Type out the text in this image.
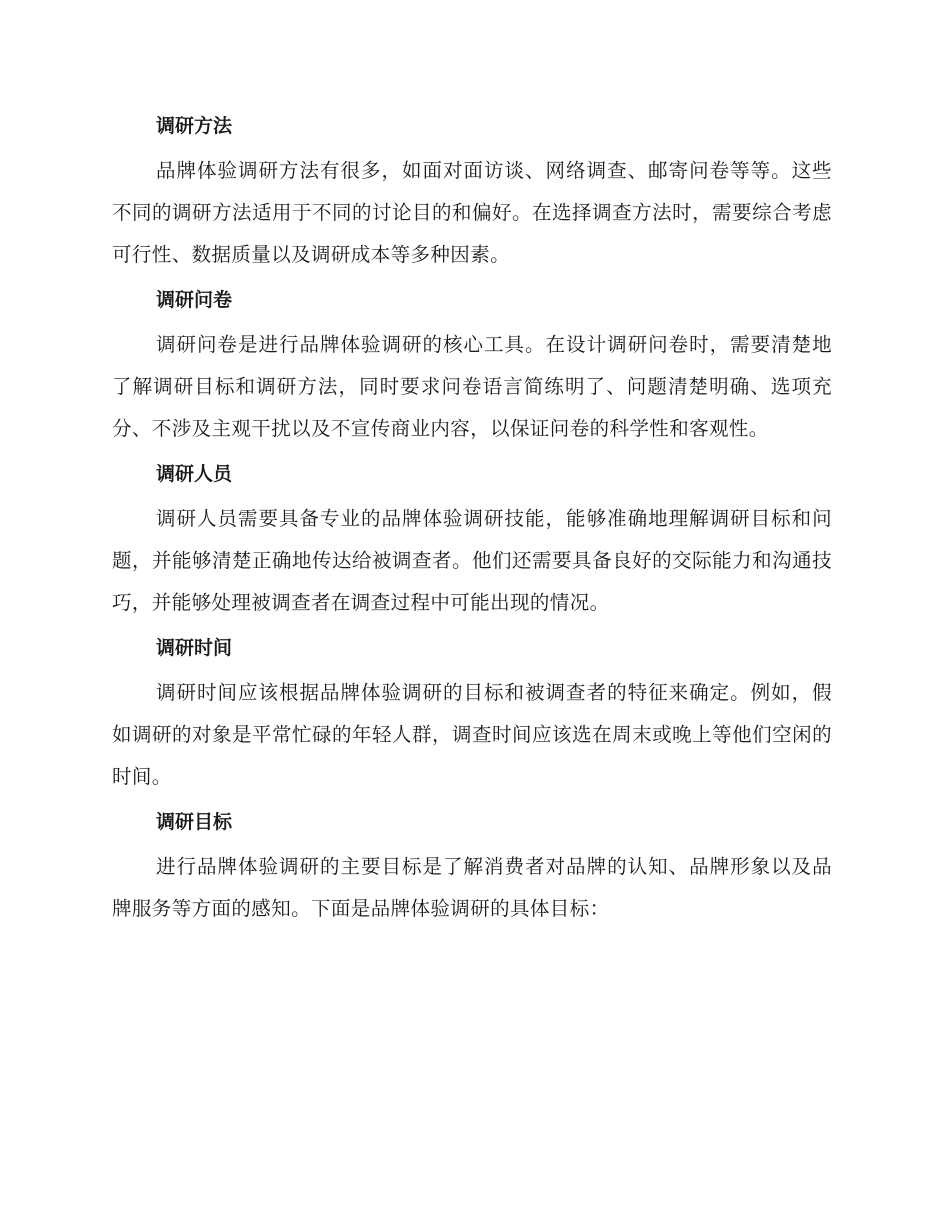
调研方法

品牌体验调研方法有很多，如面对面访谈、网络调查、邮寄问卷等等。这些不同的调研方法适用于不同的讨论目的和偏好。在选择调查方法时，需要综合考虑可行性、数据质量以及调研成本等多种因素。

调研问卷

调研问卷是进行品牌体验调研的核心工具。在设计调研问卷时，需要清楚地了解调研目标和调研方法，同时要求问卷语言简练明了、问题清楚明确、选项充分、不涉及主观干扰以及不宣传商业内容，以保证问卷的科学性和客观性。

调研人员

调研人员需要具备专业的品牌体验调研技能，能够准确地理解调研目标和问题，并能够清楚正确地传达给被调查者。他们还需要具备良好的交际能力和沟通技巧，并能够处理被调查者在调查过程中可能出现的情况。

调研时间

调研时间应该根据品牌体验调研的目标和被调查者的特征来确定。例如，假如调研的对象是平常忙碌的年轻人群，调查时间应该选在周末或晚上等他们空闲的时间。

调研目标

进行品牌体验调研的主要目标是了解消费者对品牌的认知、品牌形象以及品牌服务等方面的感知。下面是品牌体验调研的具体目标：
